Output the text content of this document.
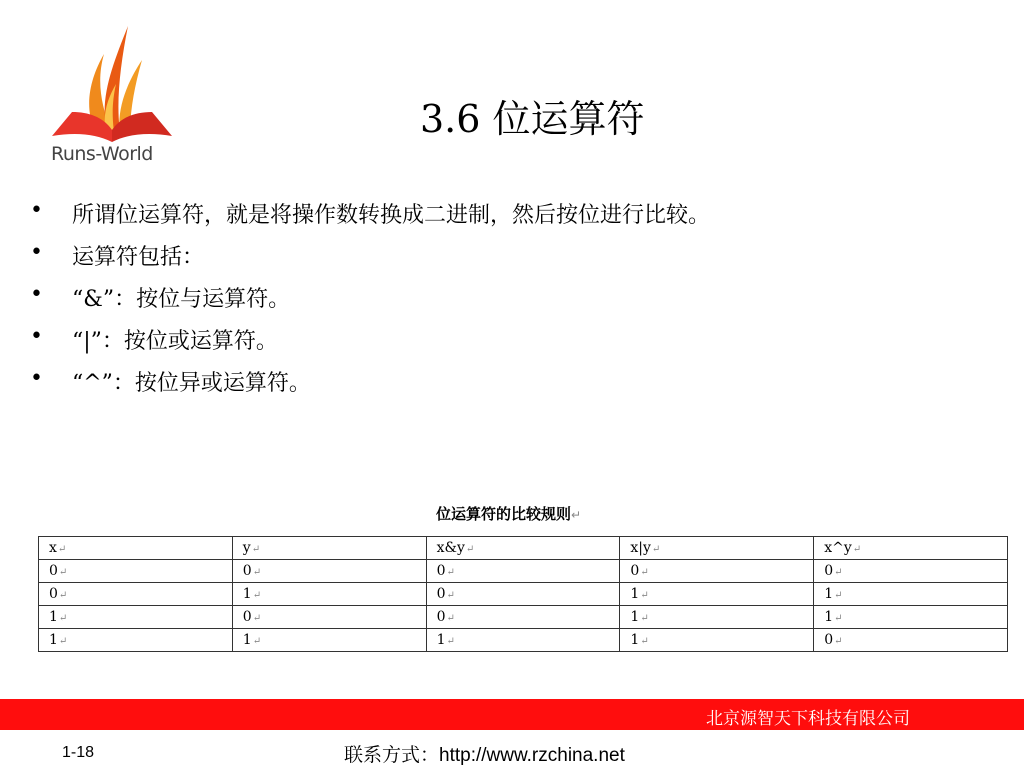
Runs-World
3.6 位运算符
•	所谓位运算符，就是将操作数转换成二进制，然后按位进行比较。
•	运算符包括：
•	“&”：按位与运算符。
•	“|”：按位或运算符。
•	“^”：按位异或运算符。
位运算符的比较规则↵
x↵	y↵	x&y↵	x|y↵	x^y↵
0↵	0↵	0↵	0↵	0↵
0↵	1↵	0↵	1↵	1↵
1↵	0↵	0↵	1↵	1↵
1↵	1↵	1↵	1↵	0↵
北京源智天下科技有限公司
1-18	联系方式：http://www.rzchina.net
